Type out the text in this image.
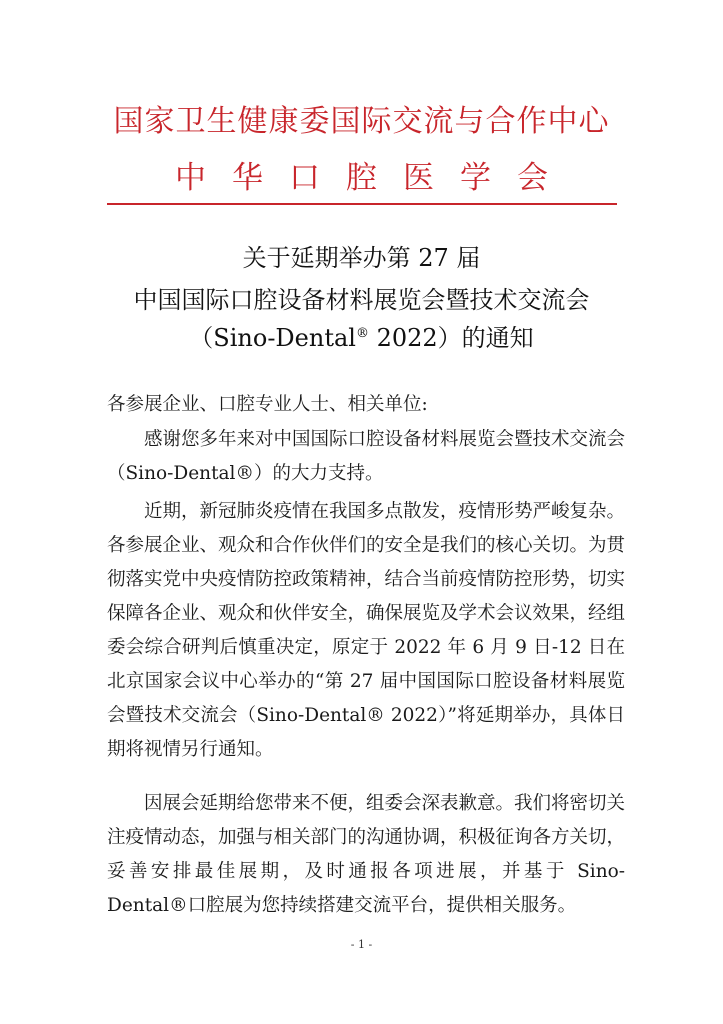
国家卫生健康委国际交流与合作中心
中华口腔医学会
关于延期举办第 27 届
中国国际口腔设备材料展览会暨技术交流会
（Sino-Dental® 2022）的通知
各参展企业、口腔专业人士、相关单位:
感谢您多年来对中国国际口腔设备材料展览会暨技术交流会（Sino-Dental®）的大力支持。
近期，新冠肺炎疫情在我国多点散发，疫情形势严峻复杂。各参展企业、观众和合作伙伴们的安全是我们的核心关切。为贯彻落实党中央疫情防控政策精神，结合当前疫情防控形势，切实保障各企业、观众和伙伴安全，确保展览及学术会议效果，经组委会综合研判后慎重决定，原定于 2022 年 6 月 9 日-12 日在北京国家会议中心举办的“第 27 届中国国际口腔设备材料展览会暨技术交流会（Sino-Dental® 2022）”将延期举办，具体日期将视情另行通知。
因展会延期给您带来不便，组委会深表歉意。我们将密切关注疫情动态，加强与相关部门的沟通协调，积极征询各方关切，妥善安排最佳展期，及时通报各项进展，并基于 Sino-Dental®口腔展为您持续搭建交流平台，提供相关服务。
- 1 -
